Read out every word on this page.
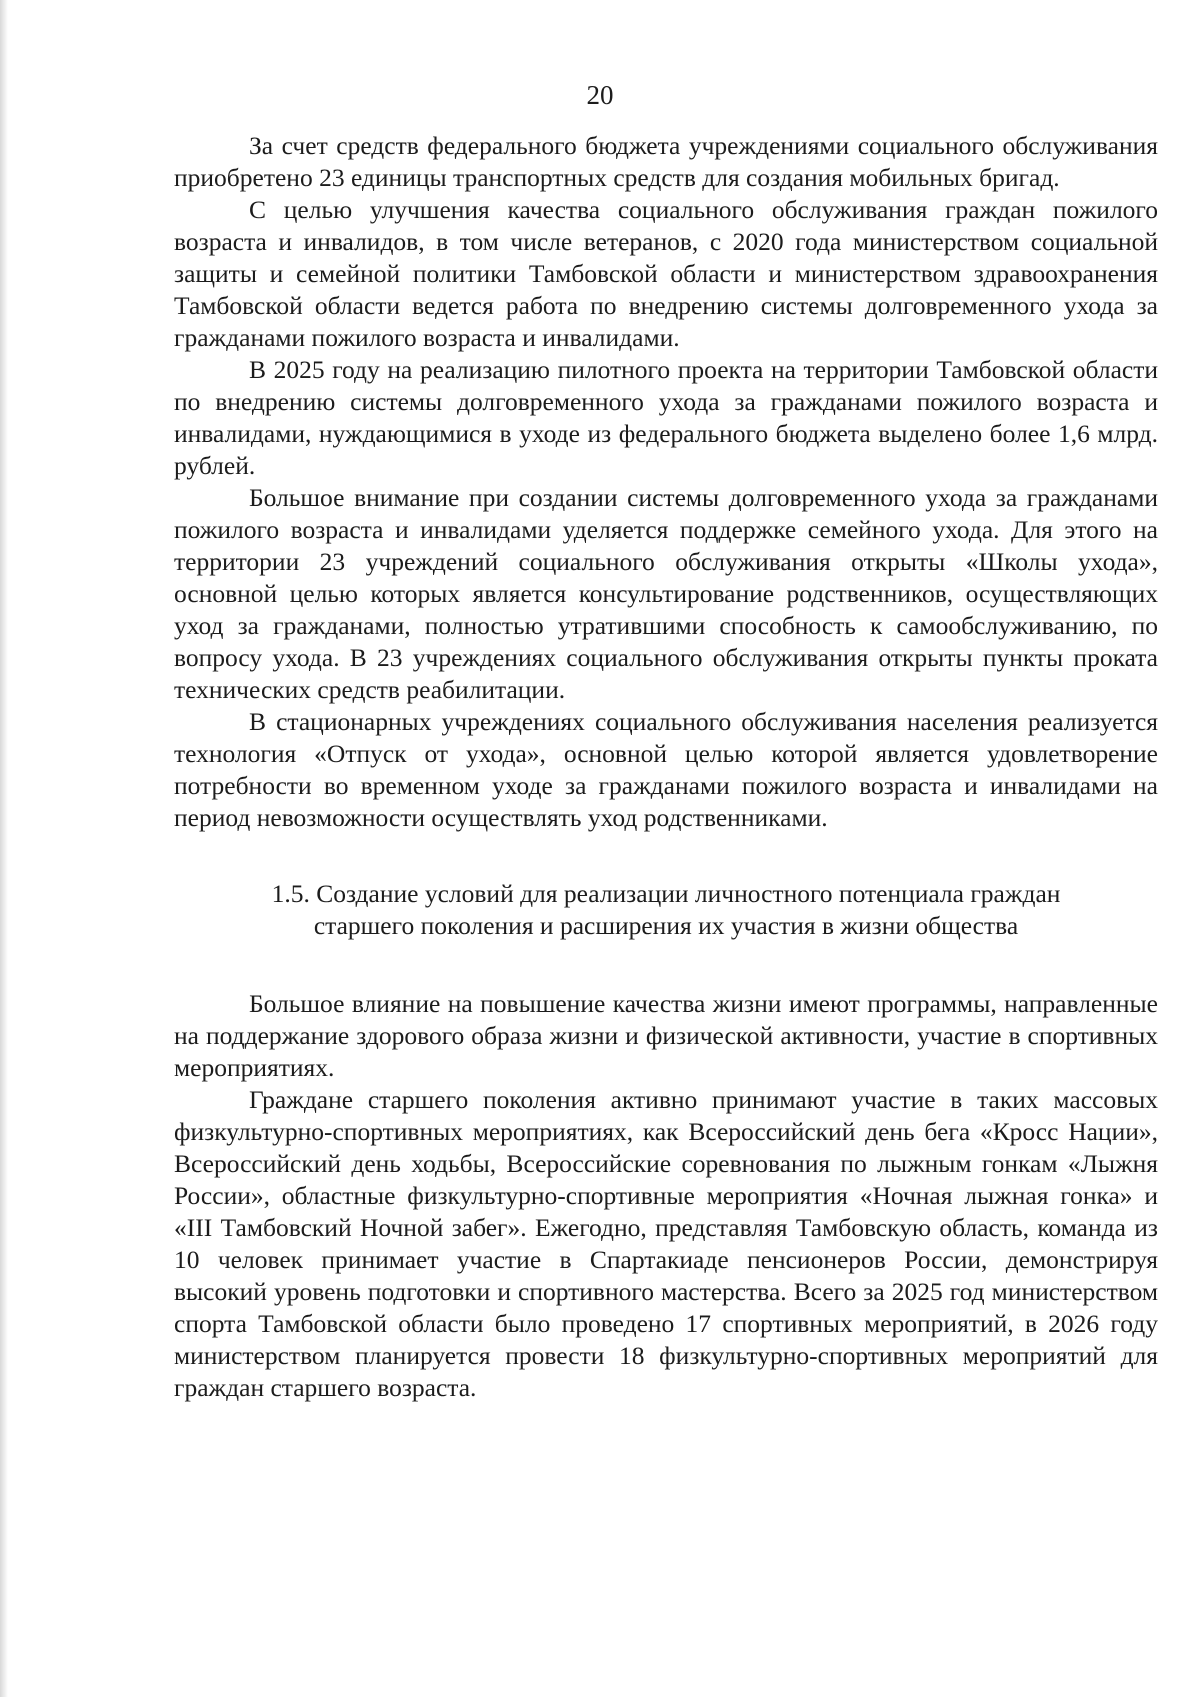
20

За счет средств федерального бюджета учреждениями социального обслуживания приобретено 23 единицы транспортных средств для создания мобильных бригад.

С целью улучшения качества социального обслуживания граждан пожилого возраста и инвалидов, в том числе ветеранов, с 2020 года министерством социальной защиты и семейной политики Тамбовской области и министерством здравоохранения Тамбовской области ведется работа по внедрению системы долговременного ухода за гражданами пожилого возраста и инвалидами.

В 2025 году на реализацию пилотного проекта на территории Тамбовской области по внедрению системы долговременного ухода за гражданами пожилого возраста и инвалидами, нуждающимися в уходе из федерального бюджета выделено более 1,6 млрд. рублей.

Большое внимание при создании системы долговременного ухода за гражданами пожилого возраста и инвалидами уделяется поддержке семейного ухода. Для этого на территории 23 учреждений социального обслуживания открыты «Школы ухода», основной целью которых является консультирование родственников, осуществляющих уход за гражданами, полностью утратившими способность к самообслуживанию, по вопросу ухода. В 23 учреждениях социального обслуживания открыты пункты проката технических средств реабилитации.

В стационарных учреждениях социального обслуживания населения реализуется технология «Отпуск от ухода», основной целью которой является удовлетворение потребности во временном уходе за гражданами пожилого возраста и инвалидами на период невозможности осуществлять уход родственниками.

1.5. Создание условий для реализации личностного потенциала граждан
старшего поколения и расширения их участия в жизни общества

Большое влияние на повышение качества жизни имеют программы, направленные на поддержание здорового образа жизни и физической активности, участие в спортивных мероприятиях.

Граждане старшего поколения активно принимают участие в таких массовых физкультурно-спортивных мероприятиях, как Всероссийский день бега «Кросс Нации», Всероссийский день ходьбы, Всероссийские соревнования по лыжным гонкам «Лыжня России», областные физкультурно-спортивные мероприятия «Ночная лыжная гонка» и «III Тамбовский Ночной забег». Ежегодно, представляя Тамбовскую область, команда из 10 человек принимает участие в Спартакиаде пенсионеров России, демонстрируя высокий уровень подготовки и спортивного мастерства. Всего за 2025 год министерством спорта Тамбовской области было проведено 17 спортивных мероприятий, в 2026 году министерством планируется провести 18 физкультурно-спортивных мероприятий для граждан старшего возраста.
